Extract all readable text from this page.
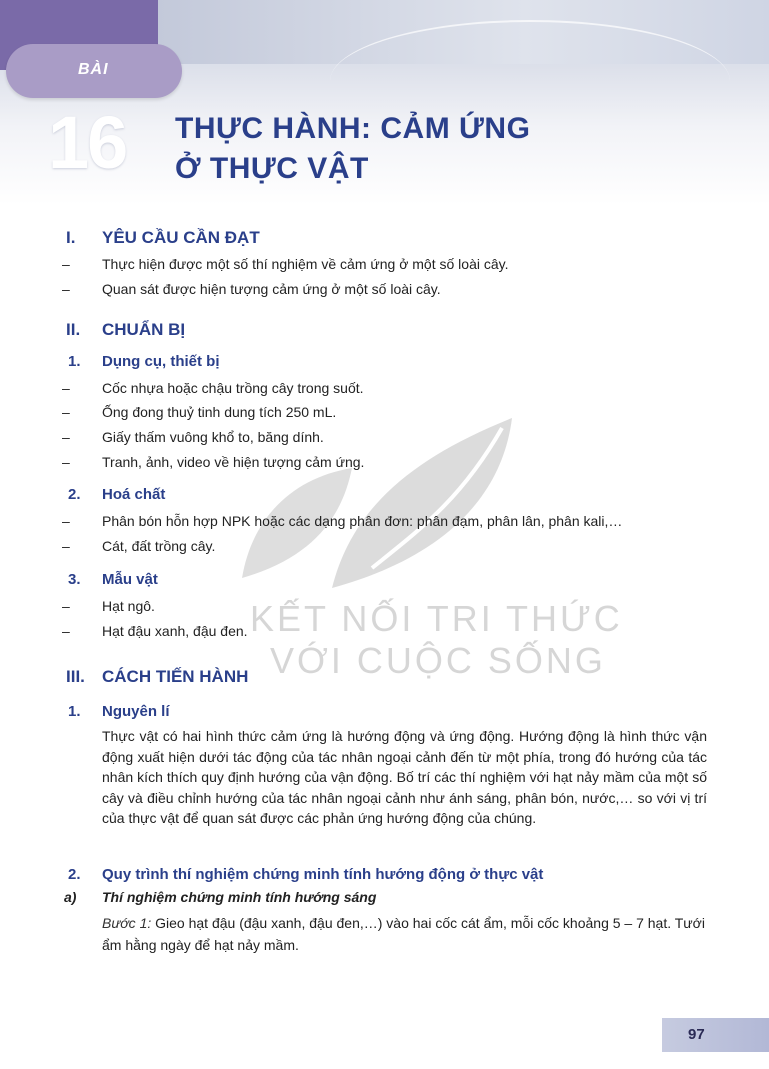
BÀI
16 THỰC HÀNH: CẢM ỨNG
Ở THỰC VẬT
KẾT NỐI TRI THỨC
VỚI CUỘC SỐNG
I. YÊU CẦU CẦN ĐẠT
– Thực hiện được một số thí nghiệm về cảm ứng ở một số loài cây.
– Quan sát được hiện tượng cảm ứng ở một số loài cây.
II. CHUẨN BỊ
1. Dụng cụ, thiết bị
– Cốc nhựa hoặc chậu trồng cây trong suốt.
– Ống đong thuỷ tinh dung tích 250 mL.
– Giấy thấm vuông khổ to, băng dính.
– Tranh, ảnh, video về hiện tượng cảm ứng.
2. Hoá chất
– Phân bón hỗn hợp NPK hoặc các dạng phân đơn: phân đạm, phân lân, phân kali,…
– Cát, đất trồng cây.
3. Mẫu vật
– Hạt ngô.
– Hạt đậu xanh, đậu đen.
III. CÁCH TIẾN HÀNH
1. Nguyên lí
Thực vật có hai hình thức cảm ứng là hướng động và ứng động. Hướng động là hình thức vận động xuất hiện dưới tác động của tác nhân ngoại cảnh đến từ một phía, trong đó hướng của tác nhân kích thích quy định hướng của vận động. Bố trí các thí nghiệm với hạt nảy mầm của một số cây và điều chỉnh hướng của tác nhân ngoại cảnh như ánh sáng, phân bón, nước,… so với vị trí của thực vật để quan sát được các phản ứng hướng động của chúng.
2. Quy trình thí nghiệm chứng minh tính hướng động ở thực vật
a) Thí nghiệm chứng minh tính hướng sáng
Bước 1: Gieo hạt đậu (đậu xanh, đậu đen,…) vào hai cốc cát ẩm, mỗi cốc khoảng 5 – 7 hạt. Tưới ẩm hằng ngày để hạt nảy mầm.
97
